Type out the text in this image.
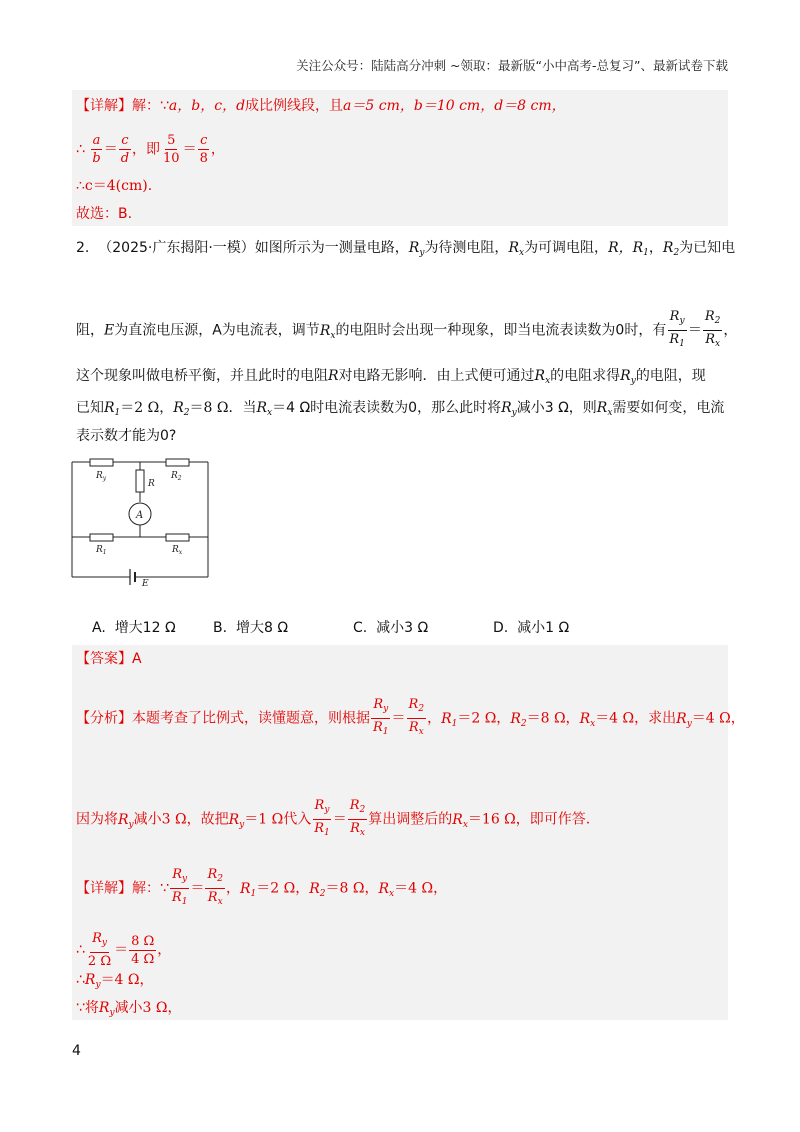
关注公众号：陆陆高分冲刺 ~领取：最新版“小中高考-总复习”、最新试卷下载
【详解】解：∵a，b，c，d成比例线段，且a＝5 cm，b＝10 cm，d＝8 cm，
∴ $\frac{a}{b} = \frac{c}{d}$ ，即 $\frac{5}{10} = \frac{c}{8}$ ，
∴c＝4(cm).
故选：B.
2. （2025·广东揭阳·一模）如图所示为一测量电路，$R_y$为待测电阻，$R_x$为可调电阻，R，$R_1$，$R_2$为已知电
阻，E为直流电压源，A为电流表，调节$R_x$的电阻时会出现一种现象，即当电流表读数为0时，有 $\frac{R_y}{R_1} = \frac{R_2}{R_x}$ ，
这个现象叫做电桥平衡，并且此时的电阻R对电路无影响．由上式便可通过$R_x$的电阻求得$R_y$的电阻，现
已知$R_1=2$ Ω，$R_2=8$ Ω．当$R_x=4$ Ω时电流表读数为0，那么此时将$R_y$减小3 Ω，则$R_x$需要如何变，电流
表示数才能为0?
$R_y$	$R_2$
R
A
$R_1$	$R_x$
E
A. 增大12 Ω	B. 增大8 Ω	C. 减小3 Ω	D. 减小1 Ω
【答案】A
【分析】本题考查了比例式，读懂题意，则根据 $\frac{R_y}{R_1} = \frac{R_2}{R_x}$ ，$R_1=2$ Ω，$R_2=8$ Ω，$R_x=4$ Ω，求出$R_y=4$ Ω，
因为将$R_y$减小3 Ω，故把$R_y=1$ Ω代入 $\frac{R_y}{R_1} = \frac{R_2}{R_x}$ 算出调整后的$R_x=16$ Ω，即可作答.
【详解】解：∵ $\frac{R_y}{R_1} = \frac{R_2}{R_x}$ ，$R_1=2$ Ω，$R_2=8$ Ω，$R_x=4$ Ω，
∴ $\frac{R_y}{2 \Omega} = \frac{8 \Omega}{4 \Omega}$ ，
$\therefore R_y=4$ Ω，
∵将$R_y$减小3 Ω，
4
